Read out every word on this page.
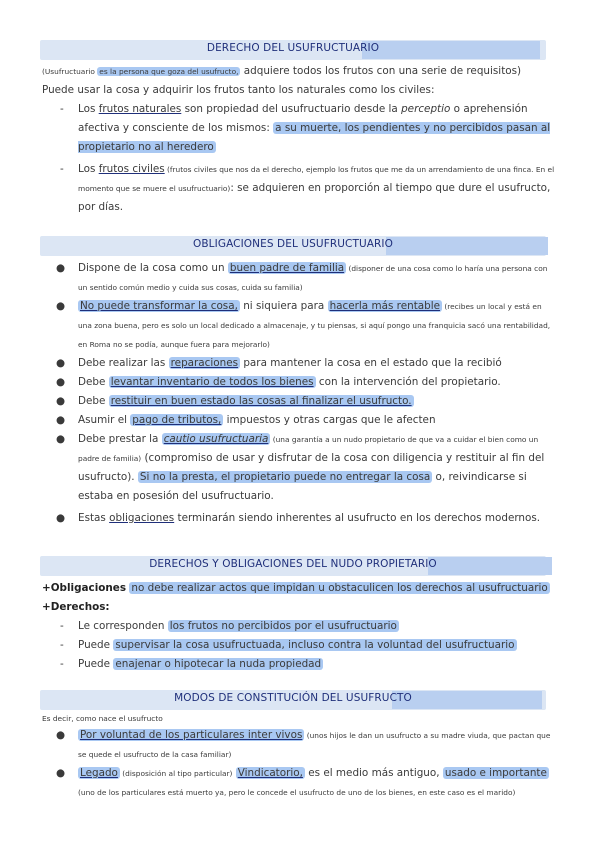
DERECHO DEL USUFRUCTUARIO

(Usufructuario es la persona que goza del usufructo, adquiere todos los frutos con una serie de requisitos) Puede usar la cosa y adquirir los frutos tanto los naturales como los civiles:

- Los frutos naturales son propiedad del usufructuario desde la perceptio o aprehensión afectiva y consciente de los mismos: a su muerte, los pendientes y no percibidos pasan al propietario no al heredero
- Los frutos civiles (frutos civiles que nos da el derecho, ejemplo los frutos que me da un arrendamiento de una finca. En el momento que se muere el usufructuario): se adquieren en proporción al tiempo que dure el usufructo, por días.
OBLIGACIONES DEL USUFRUCTUARIO
● Dispone de la cosa como un buen padre de familia (disponer de una cosa como lo haría una persona con un sentido común medio y cuida sus cosas, cuida su familia)
● No puede transformar la cosa, ni siquiera para hacerla más rentable (recibes un local y está en una zona buena, pero es solo un local dedicado a almacenaje, y tu piensas, si aquí pongo una franquicia sacó una rentabilidad, en Roma no se podía, aunque fuera para mejorarlo)
● Debe realizar las reparaciones para mantener la cosa en el estado que la recibió
● Debe levantar inventario de todos los bienes con la intervención del propietario.
● Debe restituir en buen estado las cosas al finalizar el usufructo.
● Asumir el pago de tributos, impuestos y otras cargas que le afecten
● Debe prestar la cautio usufructuaria (una garantía a un nudo propietario de que va a cuidar el bien como un padre de familia) (compromiso de usar y disfrutar de la cosa con diligencia y restituir al fin del usufructo). Si no la presta, el propietario puede no entregar la cosa o, reivindicarse si estaba en posesión del usufructuario.
● Estas obligaciones terminarán siendo inherentes al usufructo en los derechos modernos.
DERECHOS Y OBLIGACIONES DEL NUDO PROPIETARIO

+Obligaciones no debe realizar actos que impidan u obstaculicen los derechos al usufructuario

+Derechos:

- Le corresponden los frutos no percibidos por el usufructuario
- Puede supervisar la cosa usufructuada, incluso contra la voluntad del usufructuario
- Puede enajenar o hipotecar la nuda propiedad
MODOS DE CONSTITUCIÓN DEL USUFRUCTO

Es decir, como nace el usufructo

● Por voluntad de los particulares inter vivos (unos hijos le dan un usufructo a su madre viuda, que pactan que se quede el usufructo de la casa familiar)
● Legado (disposición al tipo particular) Vindicatorio, es el medio más antiguo, usado e importante (uno de los particulares está muerto ya, pero le concede el usufructo de uno de los bienes, en este caso es el marido)
